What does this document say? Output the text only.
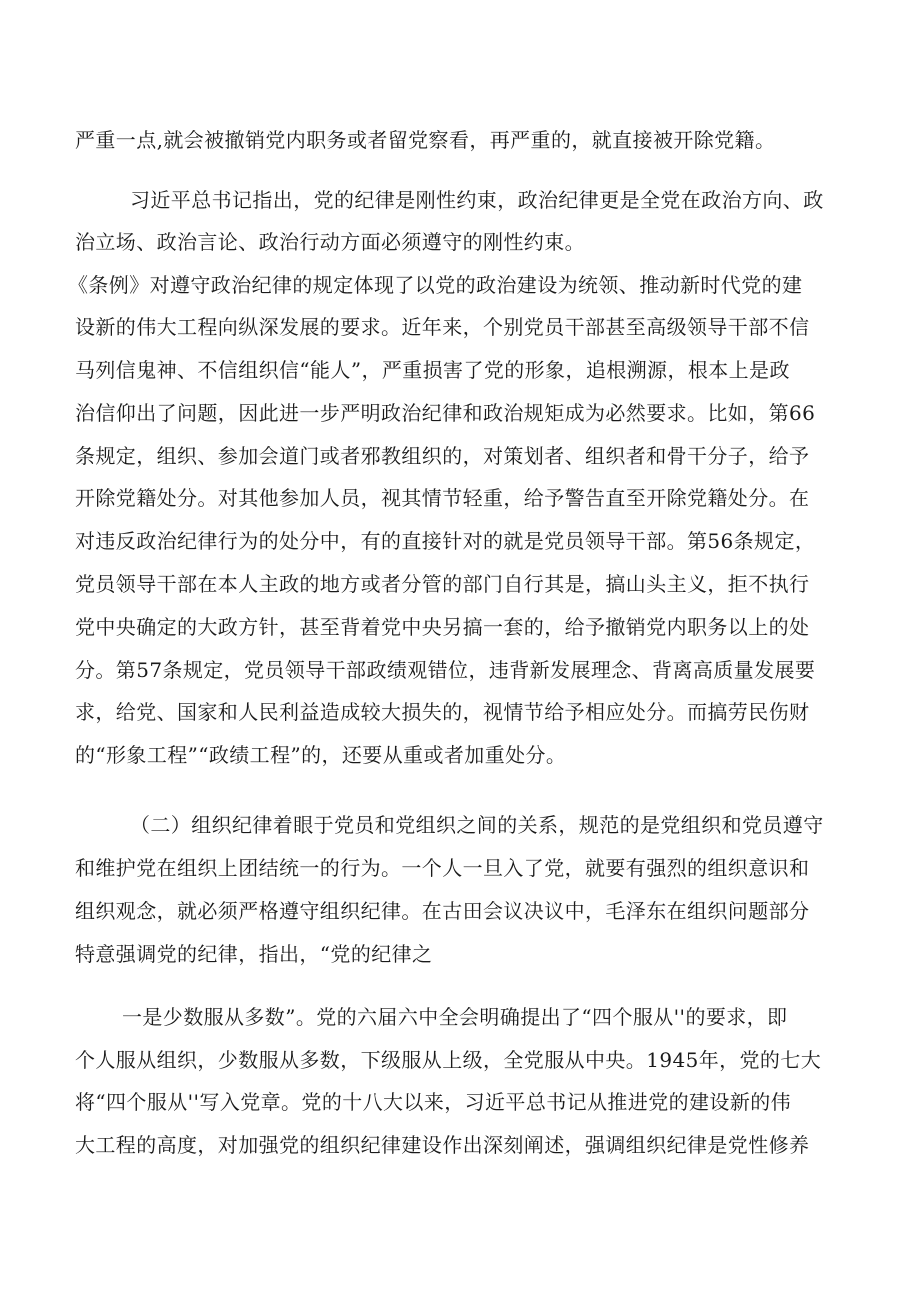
严重一点,就会被撤销党内职务或者留党察看，再严重的，就直接被开除党籍。
习近平总书记指出，党的纪律是刚性约束，政治纪律更是全党在政治方向、政
治立场、政治言论、政治行动方面必须遵守的刚性约束。
《条例》对遵守政治纪律的规定体现了以党的政治建设为统领、推动新时代党的建
设新的伟大工程向纵深发展的要求。近年来，个别党员干部甚至高级领导干部不信
马列信鬼神、不信组织信“能人”，严重损害了党的形象，追根溯源，根本上是政
治信仰出了问题，因此进一步严明政治纪律和政治规矩成为必然要求。比如，第66
条规定，组织、参加会道门或者邪教组织的，对策划者、组织者和骨干分子，给予
开除党籍处分。对其他参加人员，视其情节轻重，给予警告直至开除党籍处分。在
对违反政治纪律行为的处分中，有的直接针对的就是党员领导干部。第56条规定，
党员领导干部在本人主政的地方或者分管的部门自行其是，搞山头主义，拒不执行
党中央确定的大政方针，甚至背着党中央另搞一套的，给予撤销党内职务以上的处
分。第57条规定，党员领导干部政绩观错位，违背新发展理念、背离高质量发展要
求，给党、国家和人民利益造成较大损失的，视情节给予相应处分。而搞劳民伤财
的“形象工程”“政绩工程”的，还要从重或者加重处分。
（二）组织纪律着眼于党员和党组织之间的关系，规范的是党组织和党员遵守
和维护党在组织上团结统一的行为。一个人一旦入了党，就要有强烈的组织意识和
组织观念，就必须严格遵守组织纪律。在古田会议决议中，毛泽东在组织问题部分
特意强调党的纪律，指出，“党的纪律之
一是少数服从多数”。党的六届六中全会明确提出了“四个服从''的要求，即
个人服从组织，少数服从多数，下级服从上级，全党服从中央。1945年，党的七大
将“四个服从''写入党章。党的十八大以来，习近平总书记从推进党的建设新的伟
大工程的高度，对加强党的组织纪律建设作出深刻阐述，强调组织纪律是党性修养
